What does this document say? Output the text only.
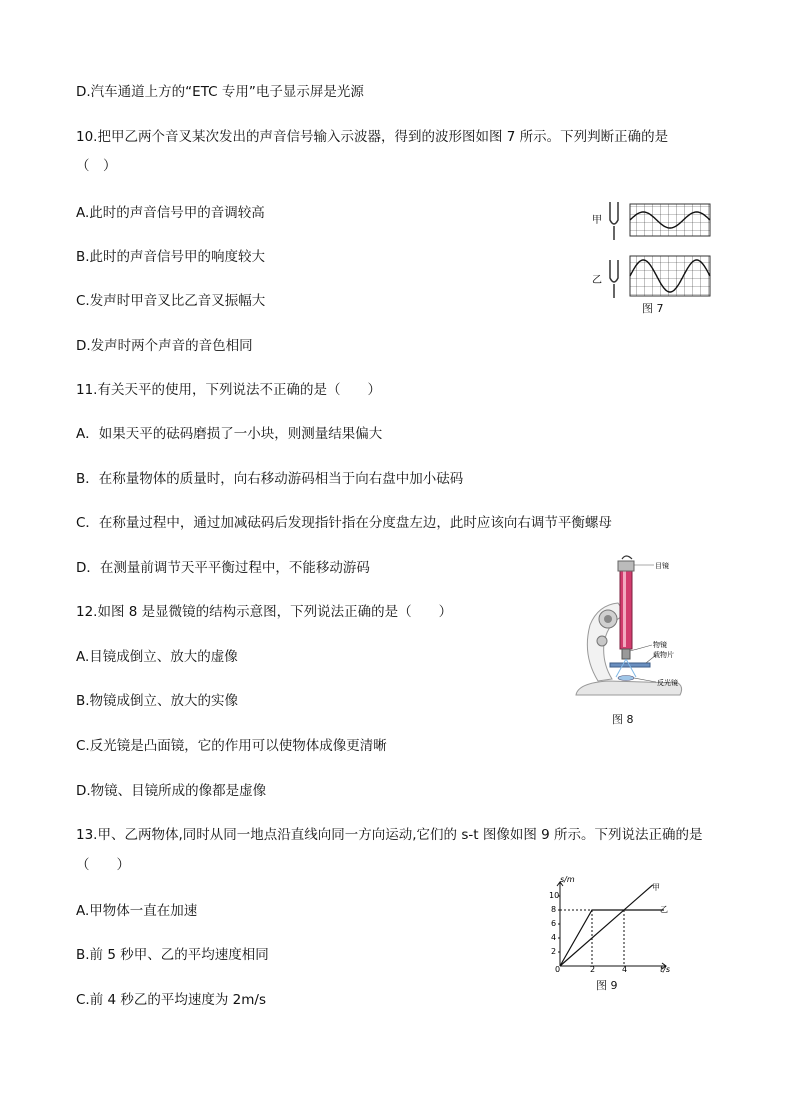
D.汽车通道上方的“ETC 专用”电子显示屏是光源
10.把甲乙两个音叉某次发出的声音信号输入示波器，得到的波形图如图 7 所示。下列判断正确的是
（　）
A.此时的声音信号甲的音调较高
B.此时的声音信号甲的响度较大
C.发声时甲音叉比乙音叉振幅大
D.发声时两个声音的音色相同
11.有关天平的使用，下列说法不正确的是（　　）
A．如果天平的砝码磨损了一小块，则测量结果偏大
B．在称量物体的质量时，向右移动游码相当于向右盘中加小砝码
C．在称量过程中，通过加减砝码后发现指针指在分度盘左边，此时应该向右调节平衡螺母
D．在测量前调节天平平衡过程中，不能移动游码
12.如图 8 是显微镜的结构示意图，下列说法正确的是（　　）
A.目镜成倒立、放大的虚像
B.物镜成倒立、放大的实像
C.反光镜是凸面镜，它的作用可以使物体成像更清晰
D.物镜、目镜所成的像都是虚像
13.甲、乙两物体,同时从同一地点沿直线向同一方向运动,它们的 s-t 图像如图 9 所示。下列说法正确的是
（　　）
A.甲物体一直在加速
B.前 5 秒甲、乙的平均速度相同
C.前 4 秒乙的平均速度为 2m/s
甲
乙
图 7
目镜
物镜
载物片
反光镜
图 8
s/m
t/s
甲
乙
10
8
6
4
2
0	2	4
图 9
